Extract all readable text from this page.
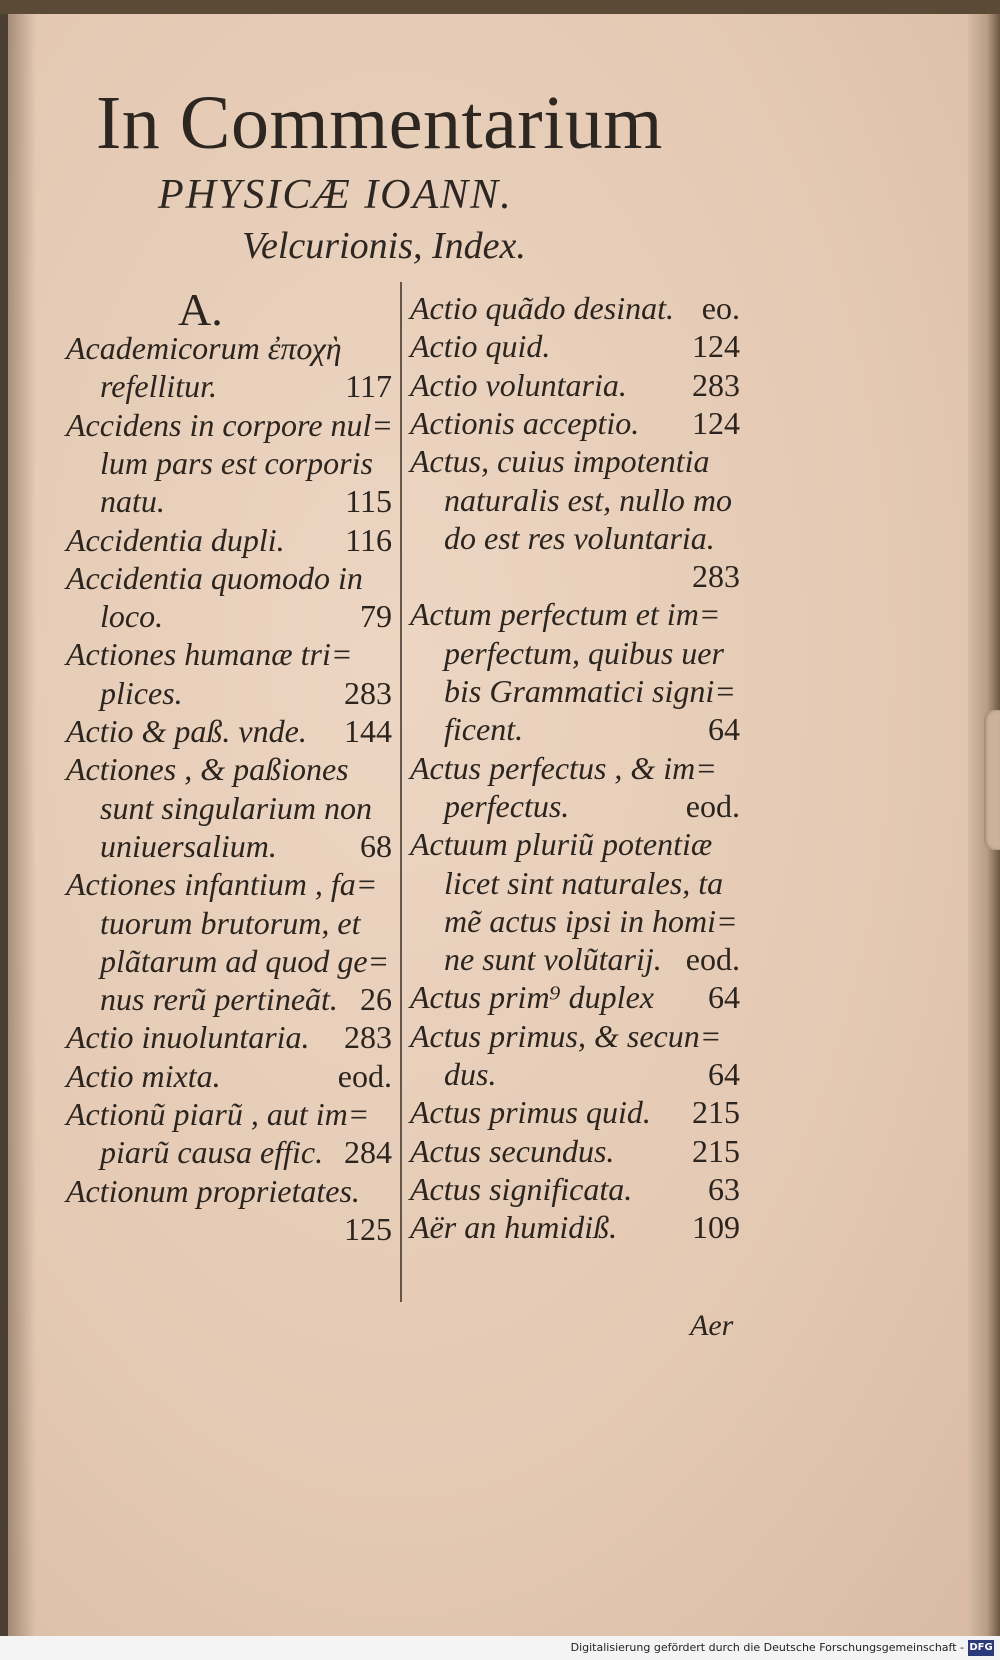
In Commentarium
PHYSICÆ IOANN.
Velcurionis, Index.
A.
Academicorum ἐποχὴ
refellitur.	117
Accidens in corpore nul=
lum pars est corporis
natu.	115
Accidentia dupli. 116
Accidentia quomodo in
loco.	79
Actiones humanæ tri=
plices.	283
Actio & paß. vnde. 144
Actiones , & paßiones
sunt singularium non
uniuersalium.	68
Actiones infantium , fa=
tuorum brutorum, et
plãtarum ad quod ge=
nus rerũ pertineãt. 26
Actio inuoluntaria. 283
Actio mixta.	eod.
Actionũ piarũ , aut im=
piarũ causa effic. 284
Actionum proprietates.
125
Actio quãdo desinat. eo.
Actio quid.	124
Actio voluntaria. 283
Actionis acceptio. 124
Actus, cuius impotentia
naturalis est, nullo mo
do est res voluntaria.
283
Actum perfectum et im=
perfectum, quibus uer
bis Grammatici signi=
ficent.	64
Actus perfectus , & im=
perfectus.	eod.
Actuum pluriũ potentiæ
licet sint naturales, ta
mẽ actus ipsi in homi=
ne sunt volũtarij. eod.
Actus prim⁹ duplex 64
Actus primus, & secun=
dus.	64
Actus primus quid. 215
Actus secundus. 215
Actus significata. 63
Aër an humidiß. 109
Aer
Digitalisierung gefördert durch die Deutsche Forschungsgemeinschaft - DFG
